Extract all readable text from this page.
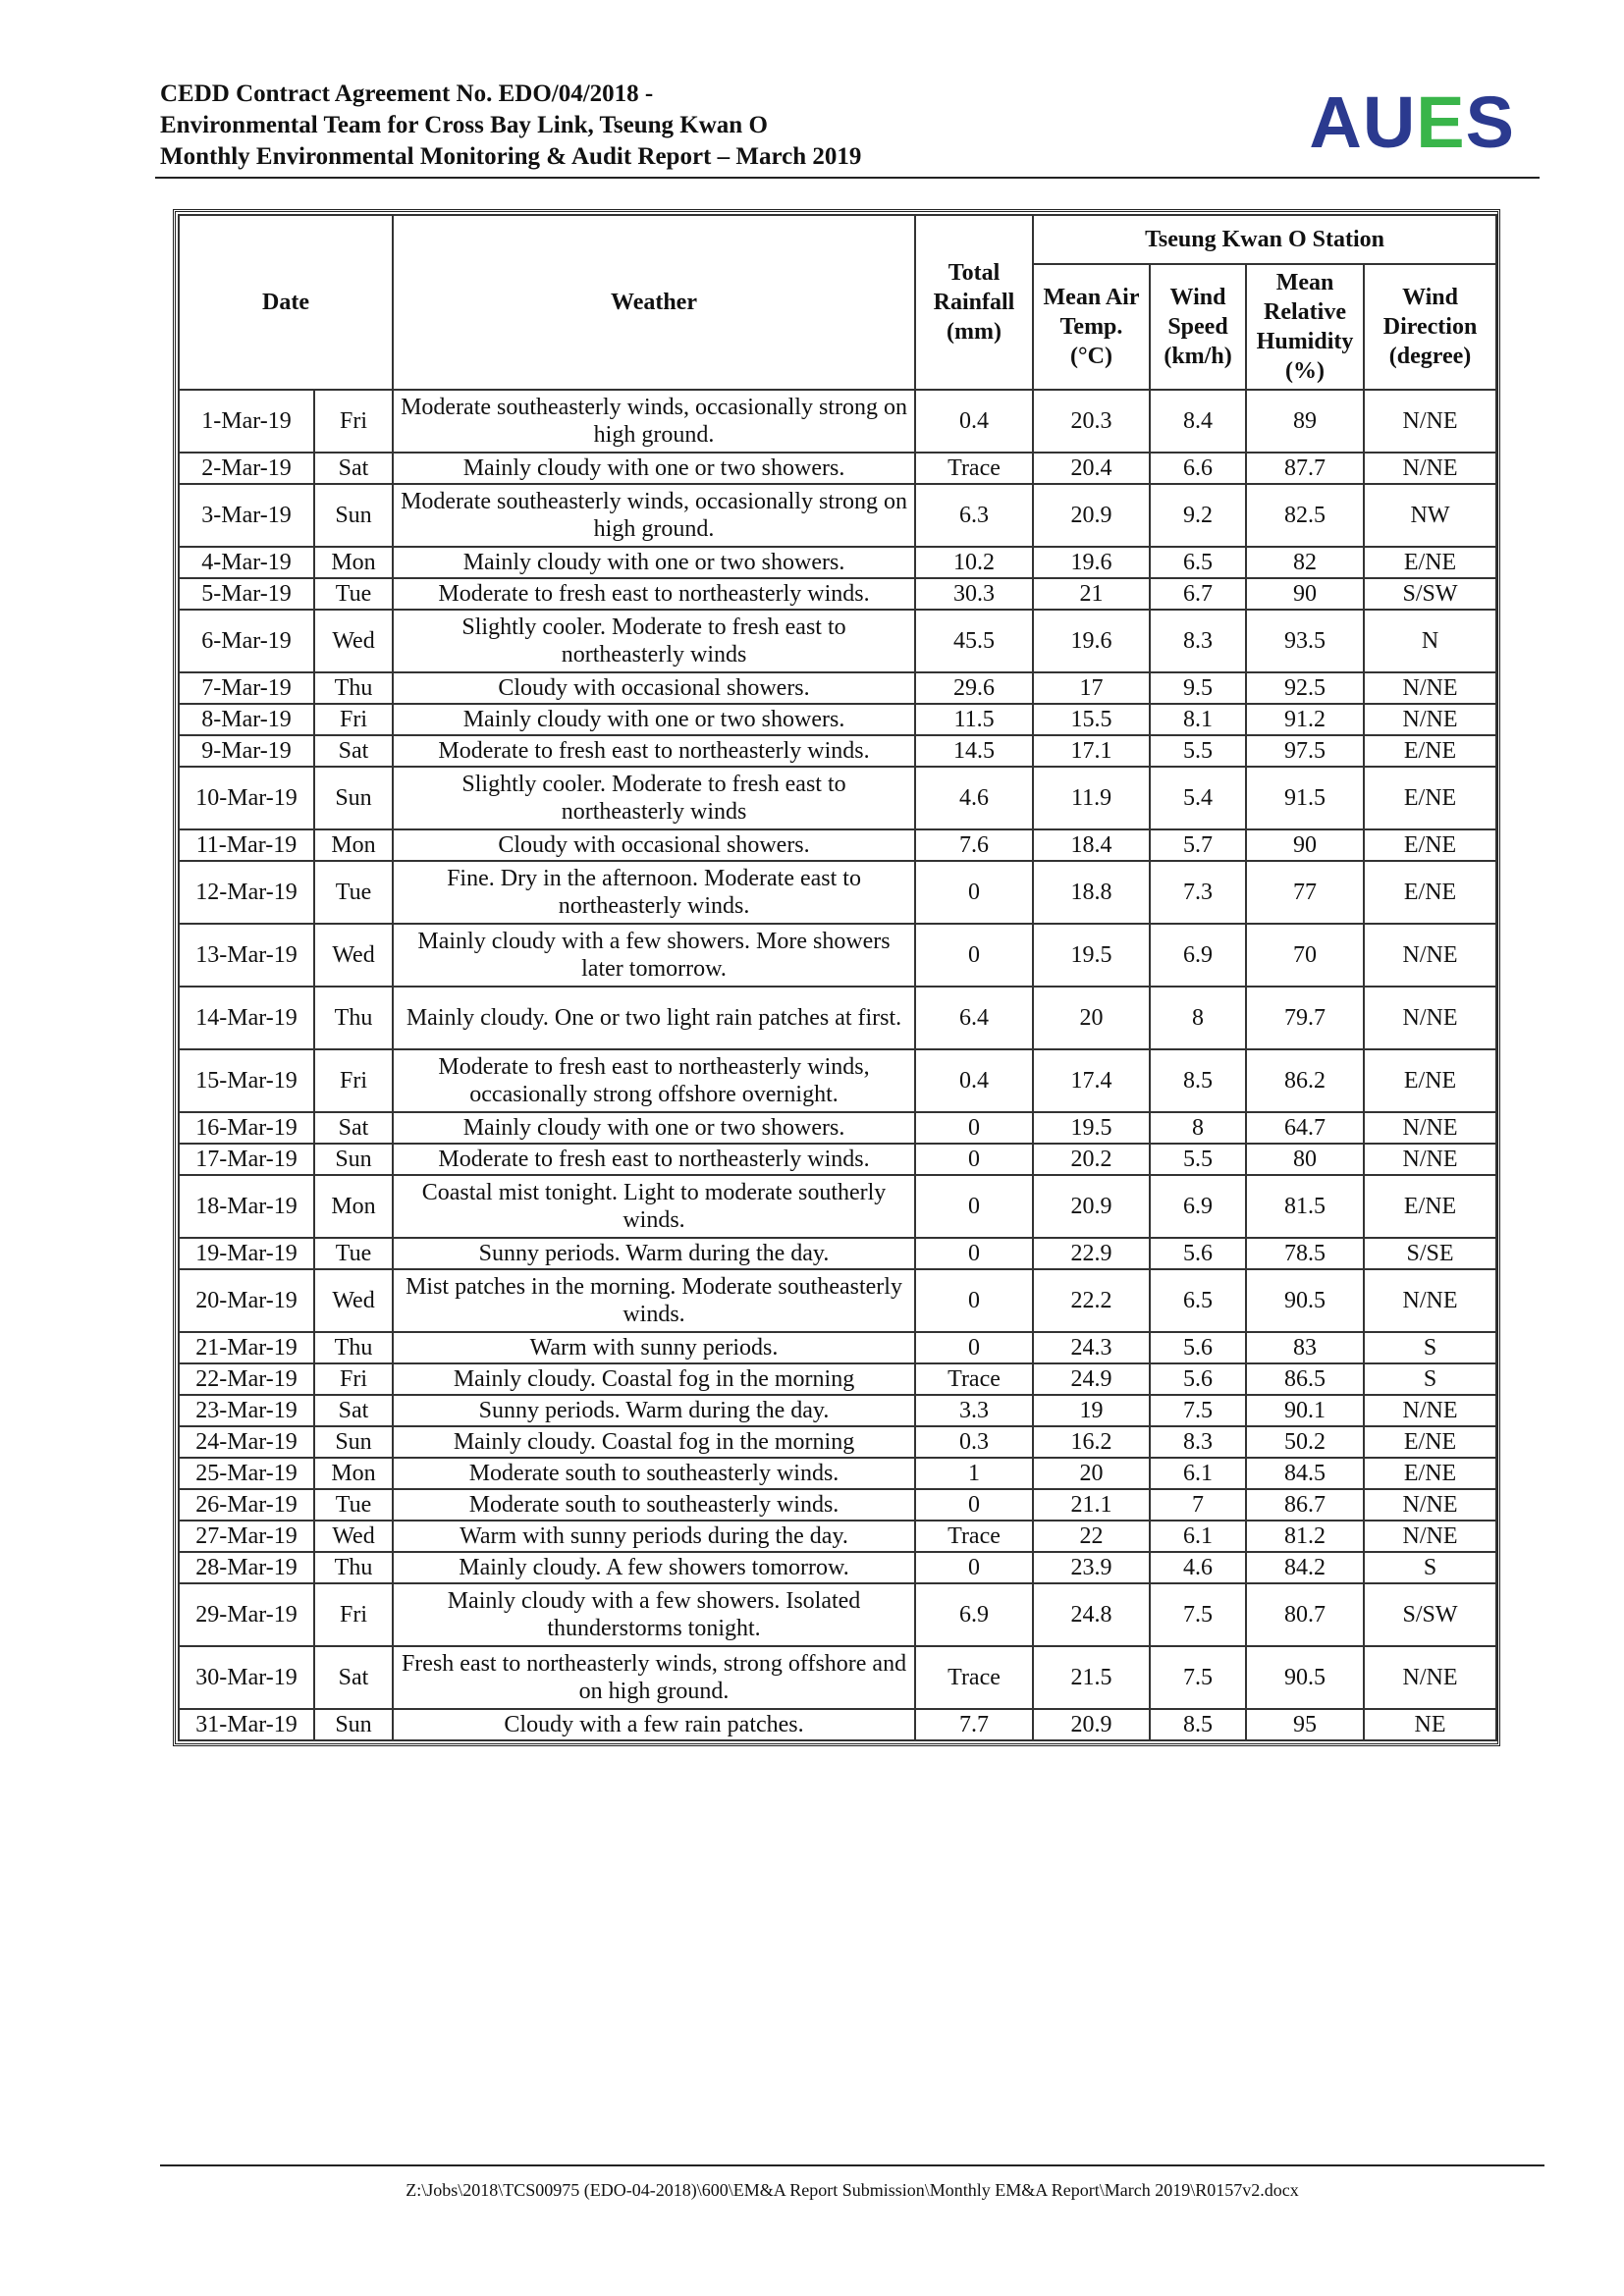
CEDD Contract Agreement No. EDO/04/2018 -
Environmental Team for Cross Bay Link, Tseung Kwan O
Monthly Environmental Monitoring & Audit Report – March 2019	AUES
Date		Weather	Total Rainfall (mm)	Tseung Kwan O Station			
				Mean Air Temp. (°C)	Wind Speed (km/h)	Mean Relative Humidity (%)	Wind Direction (degree)
1-Mar-19	Fri	Moderate southeasterly winds, occasionally strong on high ground.	0.4	20.3	8.4	89	N/NE
2-Mar-19	Sat	Mainly cloudy with one or two showers.	Trace	20.4	6.6	87.7	N/NE
3-Mar-19	Sun	Moderate southeasterly winds, occasionally strong on high ground.	6.3	20.9	9.2	82.5	NW
4-Mar-19	Mon	Mainly cloudy with one or two showers.	10.2	19.6	6.5	82	E/NE
5-Mar-19	Tue	Moderate to fresh east to northeasterly winds.	30.3	21	6.7	90	S/SW
6-Mar-19	Wed	Slightly cooler. Moderate to fresh east to northeasterly winds	45.5	19.6	8.3	93.5	N
7-Mar-19	Thu	Cloudy with occasional showers.	29.6	17	9.5	92.5	N/NE
8-Mar-19	Fri	Mainly cloudy with one or two showers.	11.5	15.5	8.1	91.2	N/NE
9-Mar-19	Sat	Moderate to fresh east to northeasterly winds.	14.5	17.1	5.5	97.5	E/NE
10-Mar-19	Sun	Slightly cooler. Moderate to fresh east to northeasterly winds	4.6	11.9	5.4	91.5	E/NE
11-Mar-19	Mon	Cloudy with occasional showers.	7.6	18.4	5.7	90	E/NE
12-Mar-19	Tue	Fine. Dry in the afternoon. Moderate east to northeasterly winds.	0	18.8	7.3	77	E/NE
13-Mar-19	Wed	Mainly cloudy with a few showers. More showers later tomorrow.	0	19.5	6.9	70	N/NE
14-Mar-19	Thu	Mainly cloudy. One or two light rain patches at first.	6.4	20	8	79.7	N/NE
15-Mar-19	Fri	Moderate to fresh east to northeasterly winds, occasionally strong offshore overnight.	0.4	17.4	8.5	86.2	E/NE
16-Mar-19	Sat	Mainly cloudy with one or two showers.	0	19.5	8	64.7	N/NE
17-Mar-19	Sun	Moderate to fresh east to northeasterly winds.	0	20.2	5.5	80	N/NE
18-Mar-19	Mon	Coastal mist tonight. Light to moderate southerly winds.	0	20.9	6.9	81.5	E/NE
19-Mar-19	Tue	Sunny periods. Warm during the day.	0	22.9	5.6	78.5	S/SE
20-Mar-19	Wed	Mist patches in the morning. Moderate southeasterly winds.	0	22.2	6.5	90.5	N/NE
21-Mar-19	Thu	Warm with sunny periods.	0	24.3	5.6	83	S
22-Mar-19	Fri	Mainly cloudy. Coastal fog in the morning	Trace	24.9	5.6	86.5	S
23-Mar-19	Sat	Sunny periods. Warm during the day.	3.3	19	7.5	90.1	N/NE
24-Mar-19	Sun	Mainly cloudy. Coastal fog in the morning	0.3	16.2	8.3	50.2	E/NE
25-Mar-19	Mon	Moderate south to southeasterly winds.	1	20	6.1	84.5	E/NE
26-Mar-19	Tue	Moderate south to southeasterly winds.	0	21.1	7	86.7	N/NE
27-Mar-19	Wed	Warm with sunny periods during the day.	Trace	22	6.1	81.2	N/NE
28-Mar-19	Thu	Mainly cloudy. A few showers tomorrow.	0	23.9	4.6	84.2	S
29-Mar-19	Fri	Mainly cloudy with a few showers. Isolated thunderstorms tonight.	6.9	24.8	7.5	80.7	S/SW
30-Mar-19	Sat	Fresh east to northeasterly winds, strong offshore and on high ground.	Trace	21.5	7.5	90.5	N/NE
31-Mar-19	Sun	Cloudy with a few rain patches.	7.7	20.9	8.5	95	NE
Z:\Jobs\2018\TCS00975 (EDO-04-2018)\600\EM&A Report Submission\Monthly EM&A Report\March 2019\R0157v2.docx
